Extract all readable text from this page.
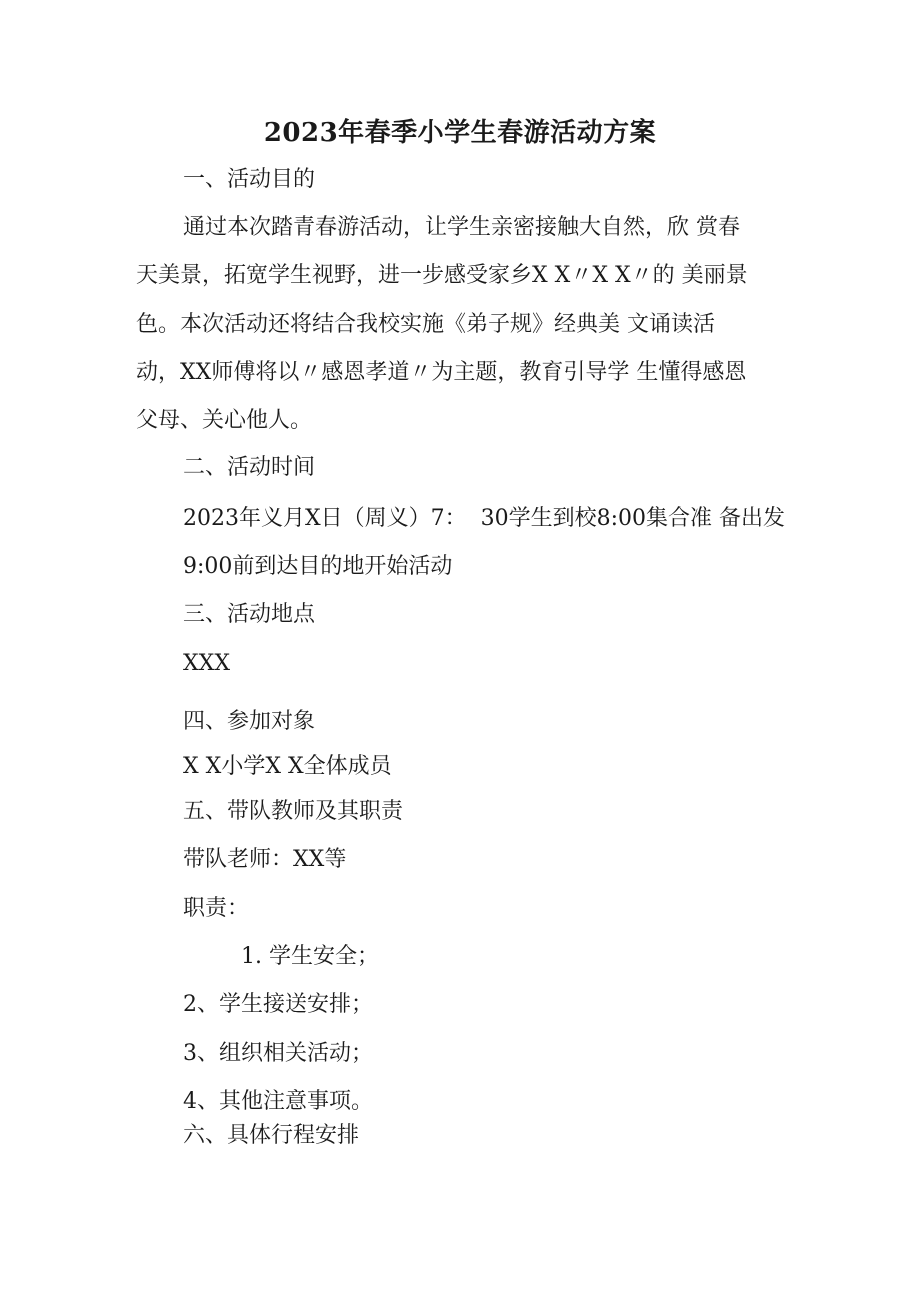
2023年春季小学生春游活动方案
一、活动目的
通过本次踏青春游活动，让学生亲密接触大自然，欣 赏春
天美景，拓宽学生视野，进一步感受家乡X X〃X X〃的 美丽景
色。本次活动还将结合我校实施《弟子规》经典美 文诵读活
动，XX师傅将以〃感恩孝道〃为主题，教育引导学 生懂得感恩
父母、关心他人。
二、活动时间
2023年义月X日（周义）7：  30学生到校8:00集合准 备出发
9:00前到达目的地开始活动
三、活动地点
XXX
四、参加对象
X X小学X X全体成员
五、带队教师及其职责
带队老师：XX等
职责：
1. 学生安全；
2、学生接送安排；
3、组织相关活动；
4、其他注意事项。
六、具体行程安排
